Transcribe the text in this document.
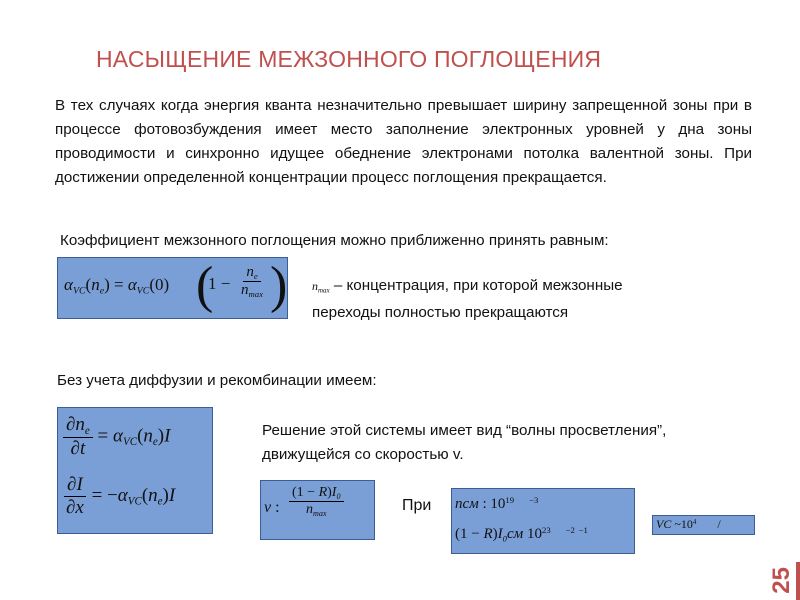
НАСЫЩЕНИЕ МЕЖЗОННОГО ПОГЛОЩЕНИЯ
В тех случаях когда энергия кванта незначительно превышает ширину запрещенной зоны при в процессе фотовозбуждения имеет место заполнение электронных уровней у дна зоны проводимости и синхронно идущее обеднение электронами потолка валентной зоны. При достижении определенной концентрации процесс поглощения прекращается.
Коэффициент межзонного поглощения можно приближенно принять равным:
$\alpha_{VC}(n_e) = \alpha_{VC}(0)$ (
$1 - \frac{n_e}{n_{max}}$ ) $n_{max}$ – концентрация, при которой межзонные
переходы полностью прекращаются
Без учета диффузии и рекомбинации имеем:
$\frac{\partial n_e}{\partial t} = \alpha_{VC}(n_e)I$
$\frac{\partial I}{\partial x} = -\alpha_{VC}(n_e)I$
Решение этой системы имеет вид “волны просветления”,
движущейся со скоростью v.
v : $\frac{(1 - R)I_0}{n_{max}}$	При nсм : $10^{19}$ $^{-3}$
$(1 - R)I_0см$ $10^{23}$ $^{-2}$ $^{-1}$	VC $\sim 10^4$       /
25
